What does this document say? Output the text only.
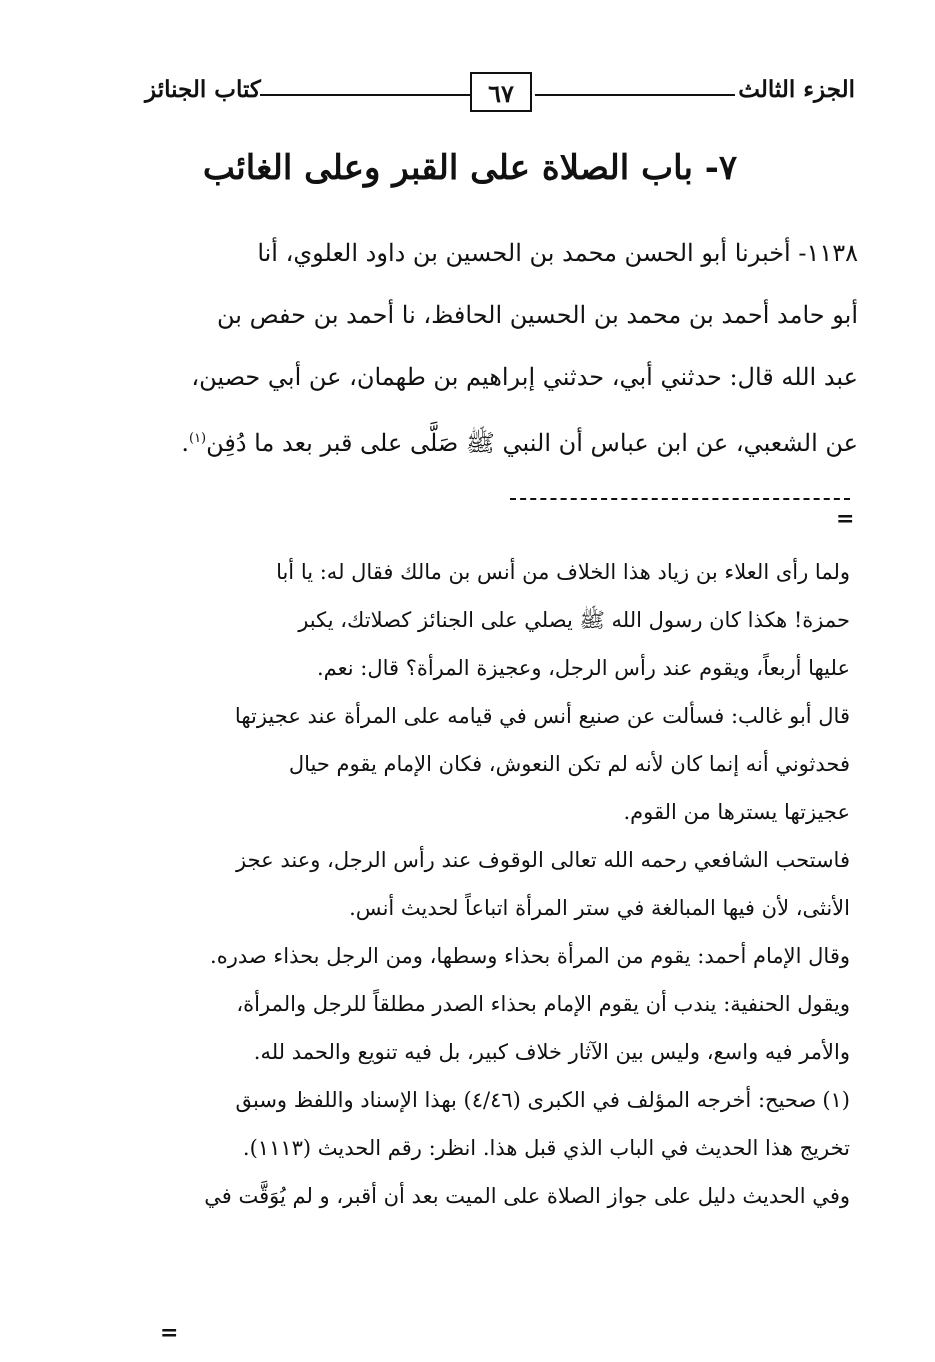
الجزء الثالث
٦٧
كتاب الجنائز
٧- باب الصلاة على القبر وعلى الغائب

١١٣٨- أخبرنا أبو الحسن محمد بن الحسين بن داود العلوي، أنا

أبو حامد أحمد بن محمد بن الحسين الحافظ، نا أحمد بن حفص بن

عبد الله قال: حدثني أبي، حدثني إبراهيم بن طهمان، عن أبي حصين،

عن الشعبي، عن ابن عباس أن النبي ﷺ صَلَّى على قبر بعد ما دُفِن$^{(١)}$.

=

ولما رأى العلاء بن زياد هذا الخلاف من أنس بن مالك فقال له: يا أبا

حمزة! هكذا كان رسول الله ﷺ يصلي على الجنائز كصلاتك، يكبر

عليها أربعاً، ويقوم عند رأس الرجل، وعجيزة المرأة؟ قال: نعم.

قال أبو غالب: فسألت عن صنيع أنس في قيامه على المرأة عند عجيزتها

فحدثوني أنه إنما كان لأنه لم تكن النعوش، فكان الإمام يقوم حيال

عجيزتها يسترها من القوم.

فاستحب الشافعي رحمه الله تعالى الوقوف عند رأس الرجل، وعند عجز

الأنثى، لأن فيها المبالغة في ستر المرأة اتباعاً لحديث أنس.

وقال الإمام أحمد: يقوم من المرأة بحذاء وسطها، ومن الرجل بحذاء صدره.

ويقول الحنفية: يندب أن يقوم الإمام بحذاء الصدر مطلقاً للرجل والمرأة،

والأمر فيه واسع، وليس بين الآثار خلاف كبير، بل فيه تنويع والحمد لله.

(١)صحيح: أخرجه المؤلف في الكبرى (٤/٤٦) بهذا الإسناد واللفظ وسبق

تخريج هذا الحديث في الباب الذي قبل هذا. انظر: رقم الحديث (١١١٣).

وفي الحديث دليل على جواز الصلاة على الميت بعد أن أقبر، و لم يُوَقَّت في

=
